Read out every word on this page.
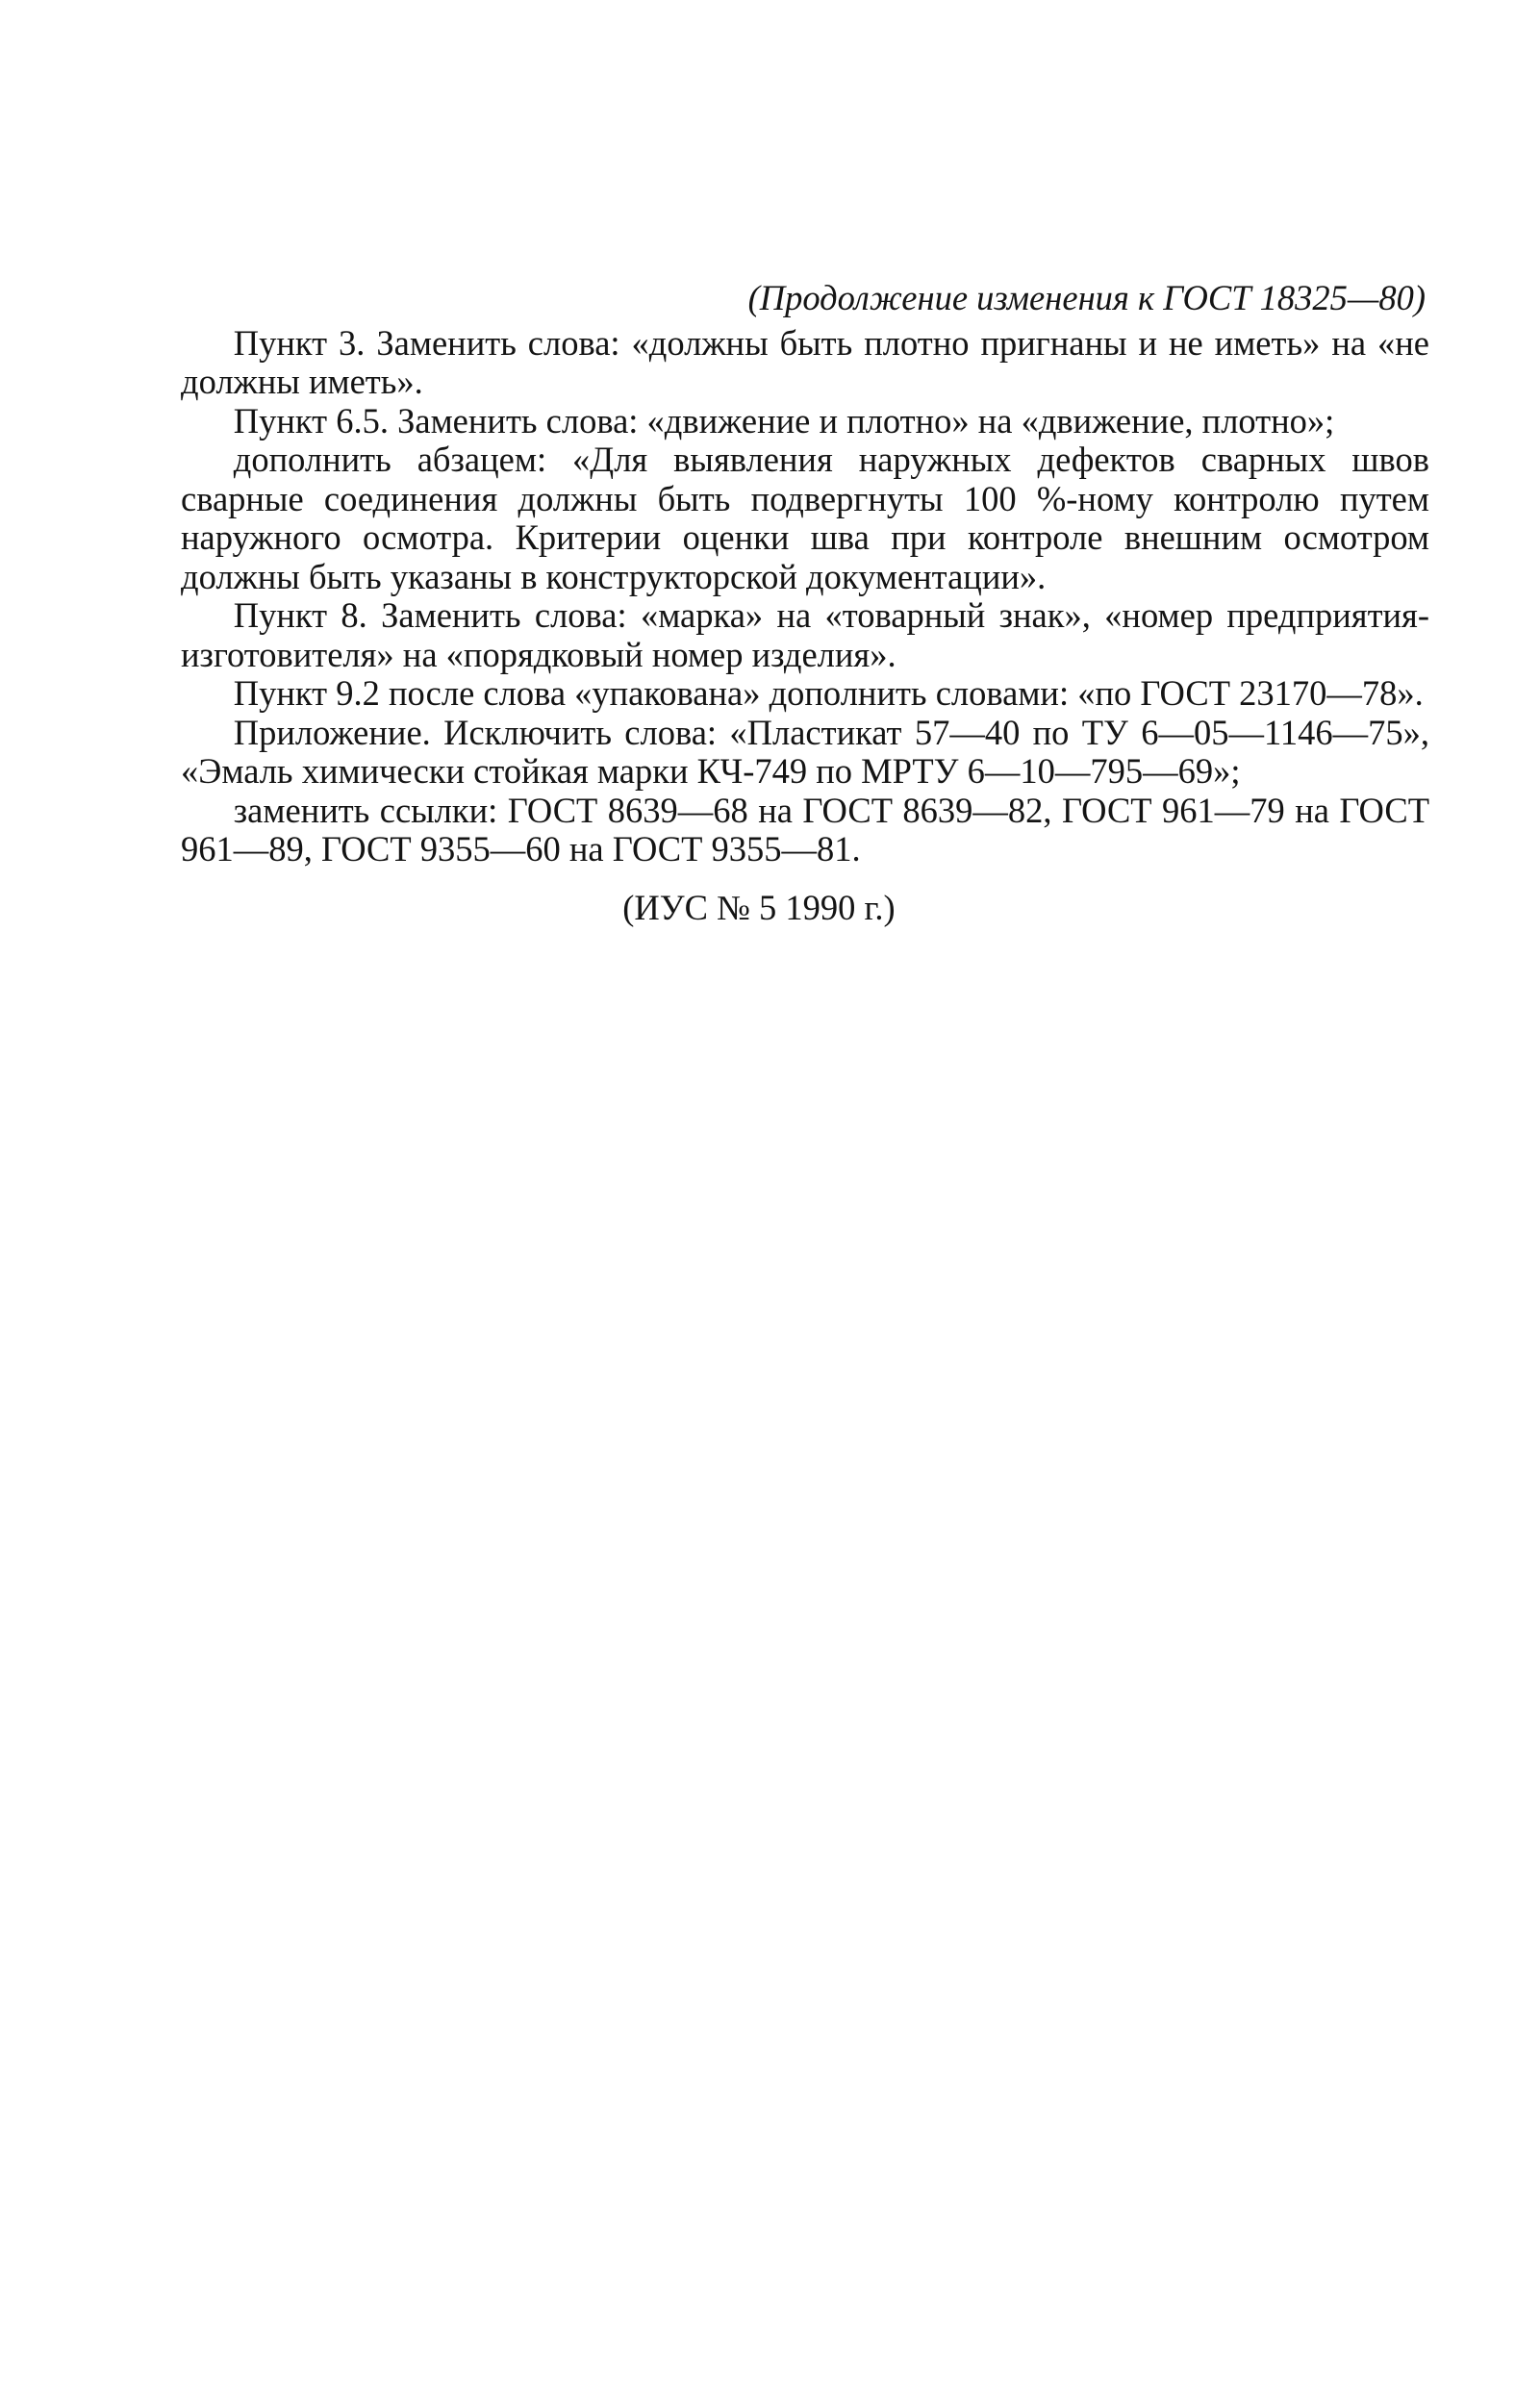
(Продолжение изменения к ГОСТ 18325—80)

Пункт 3. Заменить слова: «должны быть плотно пригнаны и не иметь» на «не должны иметь».

Пункт 6.5. Заменить слова: «движение и плотно» на «движение, плотно»;

дополнить абзацем: «Для выявления наружных дефектов сварных швов сварные соединения должны быть подвергнуты 100 %-ному контролю путем наружного осмотра. Критерии оценки шва при контроле внешним осмотром должны быть указаны в конструкторской документации».

Пункт 8. Заменить слова: «марка» на «товарный знак», «номер предприятия-изготовителя» на «порядковый номер изделия».

Пункт 9.2 после слова «упакована» дополнить словами: «по ГОСТ 23170—78».

Приложение. Исключить слова: «Пластикат 57—40 по ТУ 6—05—1146—75», «Эмаль химически стойкая марки КЧ-749 по МРТУ 6—10—795—69»;

заменить ссылки: ГОСТ 8639—68 на ГОСТ 8639—82, ГОСТ 961—79 на ГОСТ 961—89, ГОСТ 9355—60 на ГОСТ 9355—81.

(ИУС № 5 1990 г.)
